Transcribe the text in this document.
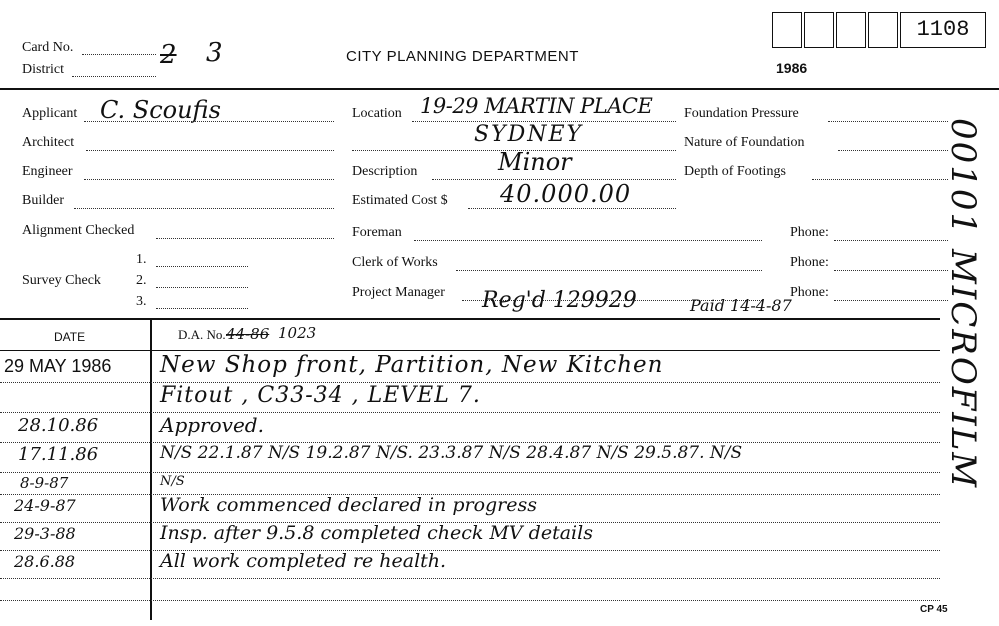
Card No.
District	2 3	CITY PLANNING DEPARTMENT
1986
1108
Applicant C. Scoufis
Architect
Engineer
Builder
Alignment Checked
Survey Check
1.
2.
3.
Location 19-29 MARTIN PLACE
SYDNEY
Description	Minor
Estimated Cost $ 40.000.00
Foreman
Clerk of Works
Project Manager Reg'd 129929	Paid 14-4-87
Foundation Pressure
Nature of Foundation
Depth of Footings
Phone:
Phone:
Phone:	00101 MICROFILM
DATE	D.A. No. 44-86 1023
29 MAY 1986 New Shop front, Partition, New Kitchen
Fitout , C33-34 , LEVEL 7.
28.10.86	Approved.
17.11.86	N/S 22.1.87 N/S 19.2.87 N/S. 23.3.87 N/S 28.4.87 N/S 29.5.87. N/S
8-9-87	N/S
24-9-87	Work commenced declared in progress
29-3-88	Insp. after 9.5.8 completed check MV details
28.6.88	All work completed re health.
CP 45
